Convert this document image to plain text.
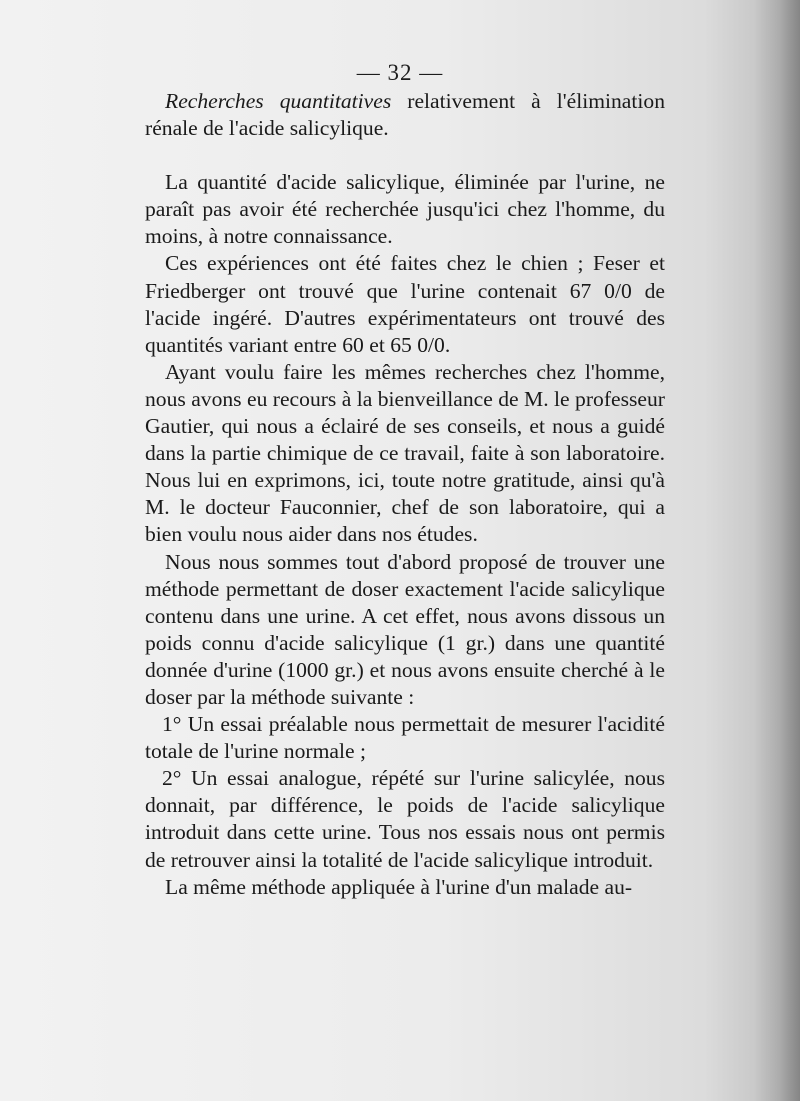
— 32 —

Recherches quantitatives relativement à l'élimination rénale de l'acide salicylique.

La quantité d'acide salicylique, éliminée par l'urine, ne paraît pas avoir été recherchée jusqu'ici chez l'homme, du moins, à notre connaissance.

Ces expériences ont été faites chez le chien ; Feser et Friedberger ont trouvé que l'urine contenait 67 0/0 de l'acide ingéré. D'autres expérimentateurs ont trouvé des quantités variant entre 60 et 65 0/0.

Ayant voulu faire les mêmes recherches chez l'homme, nous avons eu recours à la bienveillance de M. le professeur Gautier, qui nous a éclairé de ses conseils, et nous a guidé dans la partie chimique de ce travail, faite à son laboratoire. Nous lui en exprimons, ici, toute notre gratitude, ainsi qu'à M. le docteur Fauconnier, chef de son laboratoire, qui a bien voulu nous aider dans nos études.

Nous nous sommes tout d'abord proposé de trouver une méthode permettant de doser exactement l'acide salicylique contenu dans une urine. A cet effet, nous avons dissous un poids connu d'acide salicylique (1 gr.) dans une quantité donnée d'urine (1000 gr.) et nous avons ensuite cherché à le doser par la méthode suivante :

1° Un essai préalable nous permettait de mesurer l'acidité totale de l'urine normale ;

2° Un essai analogue, répété sur l'urine salicylée, nous donnait, par différence, le poids de l'acide salicylique introduit dans cette urine. Tous nos essais nous ont permis de retrouver ainsi la totalité de l'acide salicylique introduit.

La même méthode appliquée à l'urine d'un malade au-
